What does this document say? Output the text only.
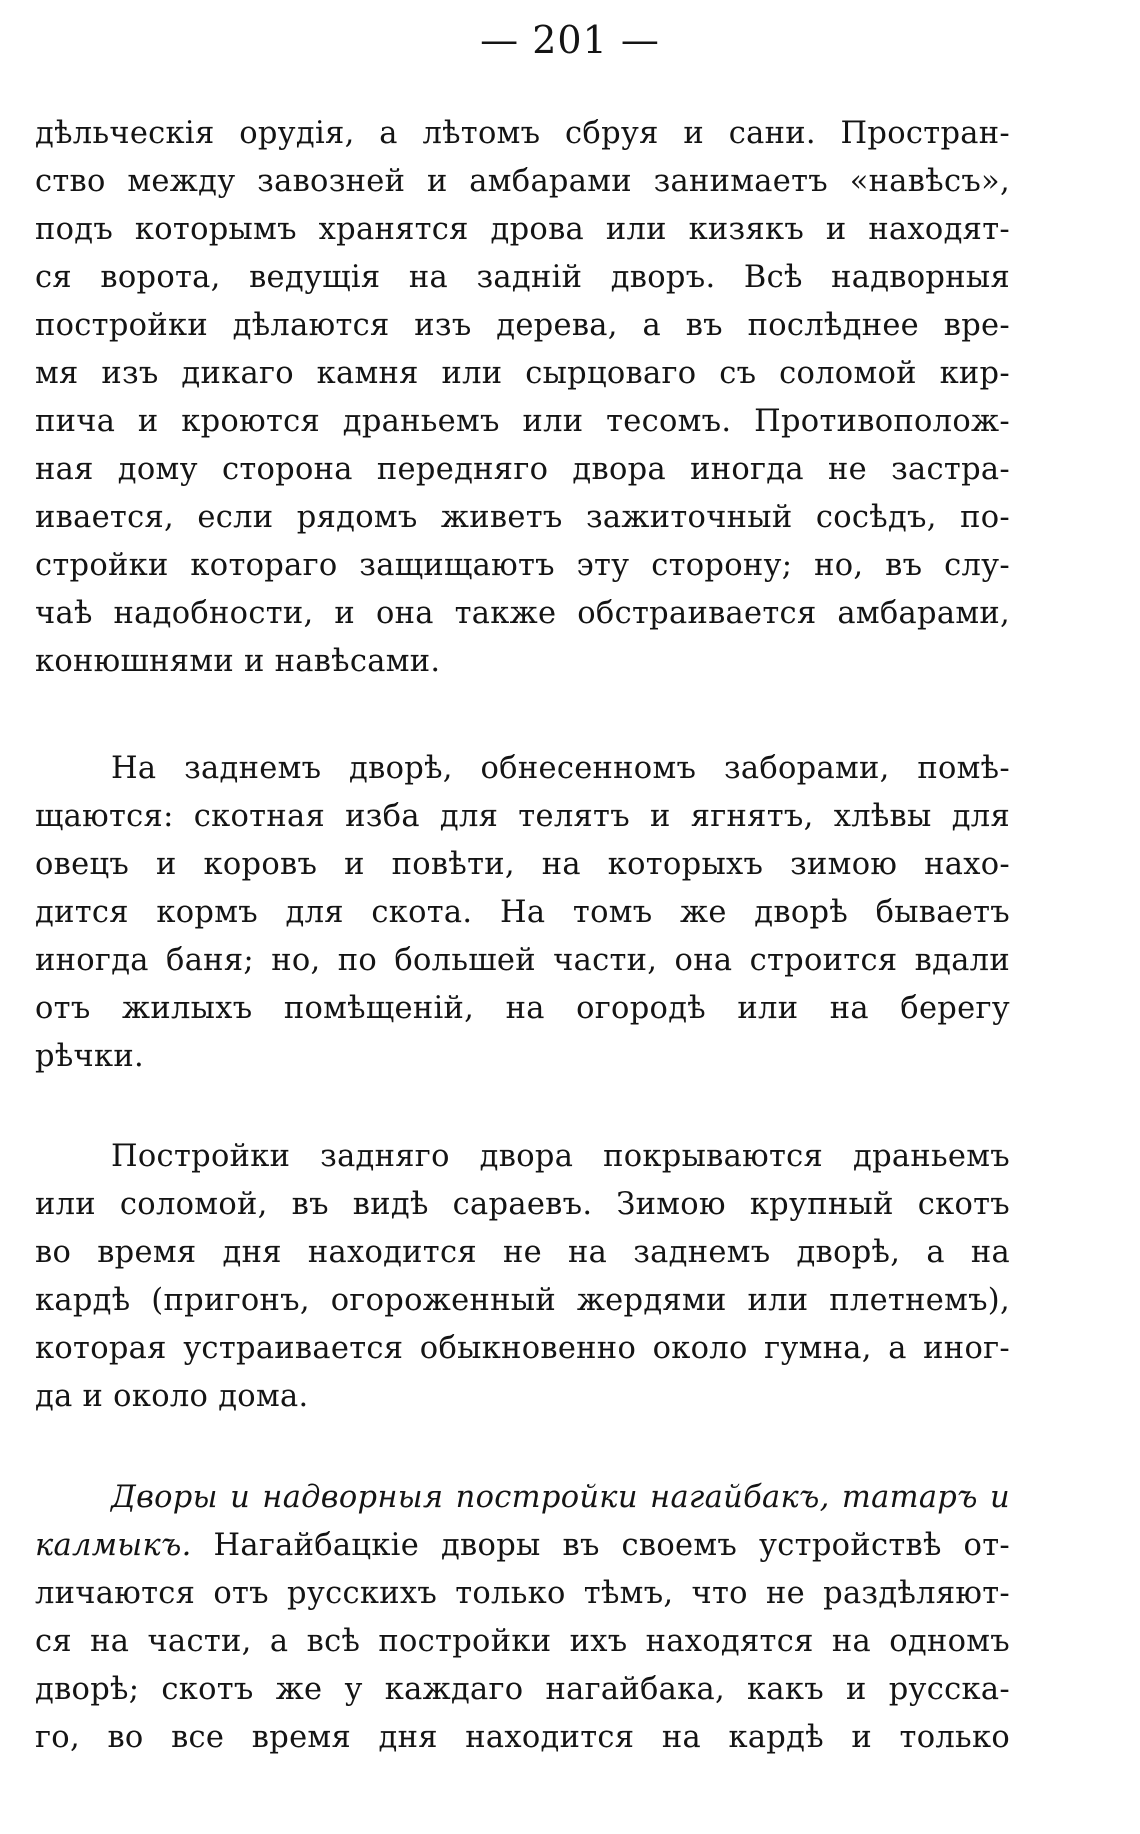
— 201 —
дѣльческія орудія, а лѣтомъ сбруя и сани. Простран-
ство между завозней и амбарами занимаетъ «навѣсъ»,
подъ которымъ хранятся дрова или кизякъ и находят-
ся ворота, ведущія на задній дворъ. Всѣ надворныя
постройки дѣлаются изъ дерева, а въ послѣднее вре-
мя изъ дикаго камня или сырцоваго съ соломой кир-
пича и кроются драньемъ или тесомъ. Противополож-
ная дому сторона передняго двора иногда не застра-
ивается, если рядомъ живетъ зажиточный сосѣдъ, по-
стройки котораго защищаютъ эту сторону; но, въ слу-
чаѣ надобности, и она также обстраивается амбарами,
конюшнями и навѣсами.
На заднемъ дворѣ, обнесенномъ заборами, помѣ-
щаются: скотная изба для телятъ и ягнятъ, хлѣвы для
овецъ и коровъ и повѣти, на которыхъ зимою нахо-
дится кормъ для скота. На томъ же дворѣ бываетъ
иногда баня; но, по большей части, она строится вдали
отъ жилыхъ помѣщеній, на огородѣ или на берегу
рѣчки.
Постройки задняго двора покрываются драньемъ
или соломой, въ видѣ сараевъ. Зимою крупный скотъ
во время дня находится не на заднемъ дворѣ, а на
кардѣ (пригонъ, огороженный жердями или плетнемъ),
которая устраивается обыкновенно около гумна, а иног-
да и около дома.
Дворы и надворныя постройки нагайбакъ, татаръ и
калмыкъ. Нагайбацкіе дворы въ своемъ устройствѣ от-
личаются отъ русскихъ только тѣмъ, что не раздѣляют-
ся на части, а всѣ постройки ихъ находятся на одномъ
дворѣ; скотъ же у каждаго нагайбака, какъ и русска-
го, во все время дня находится на кардѣ и только
